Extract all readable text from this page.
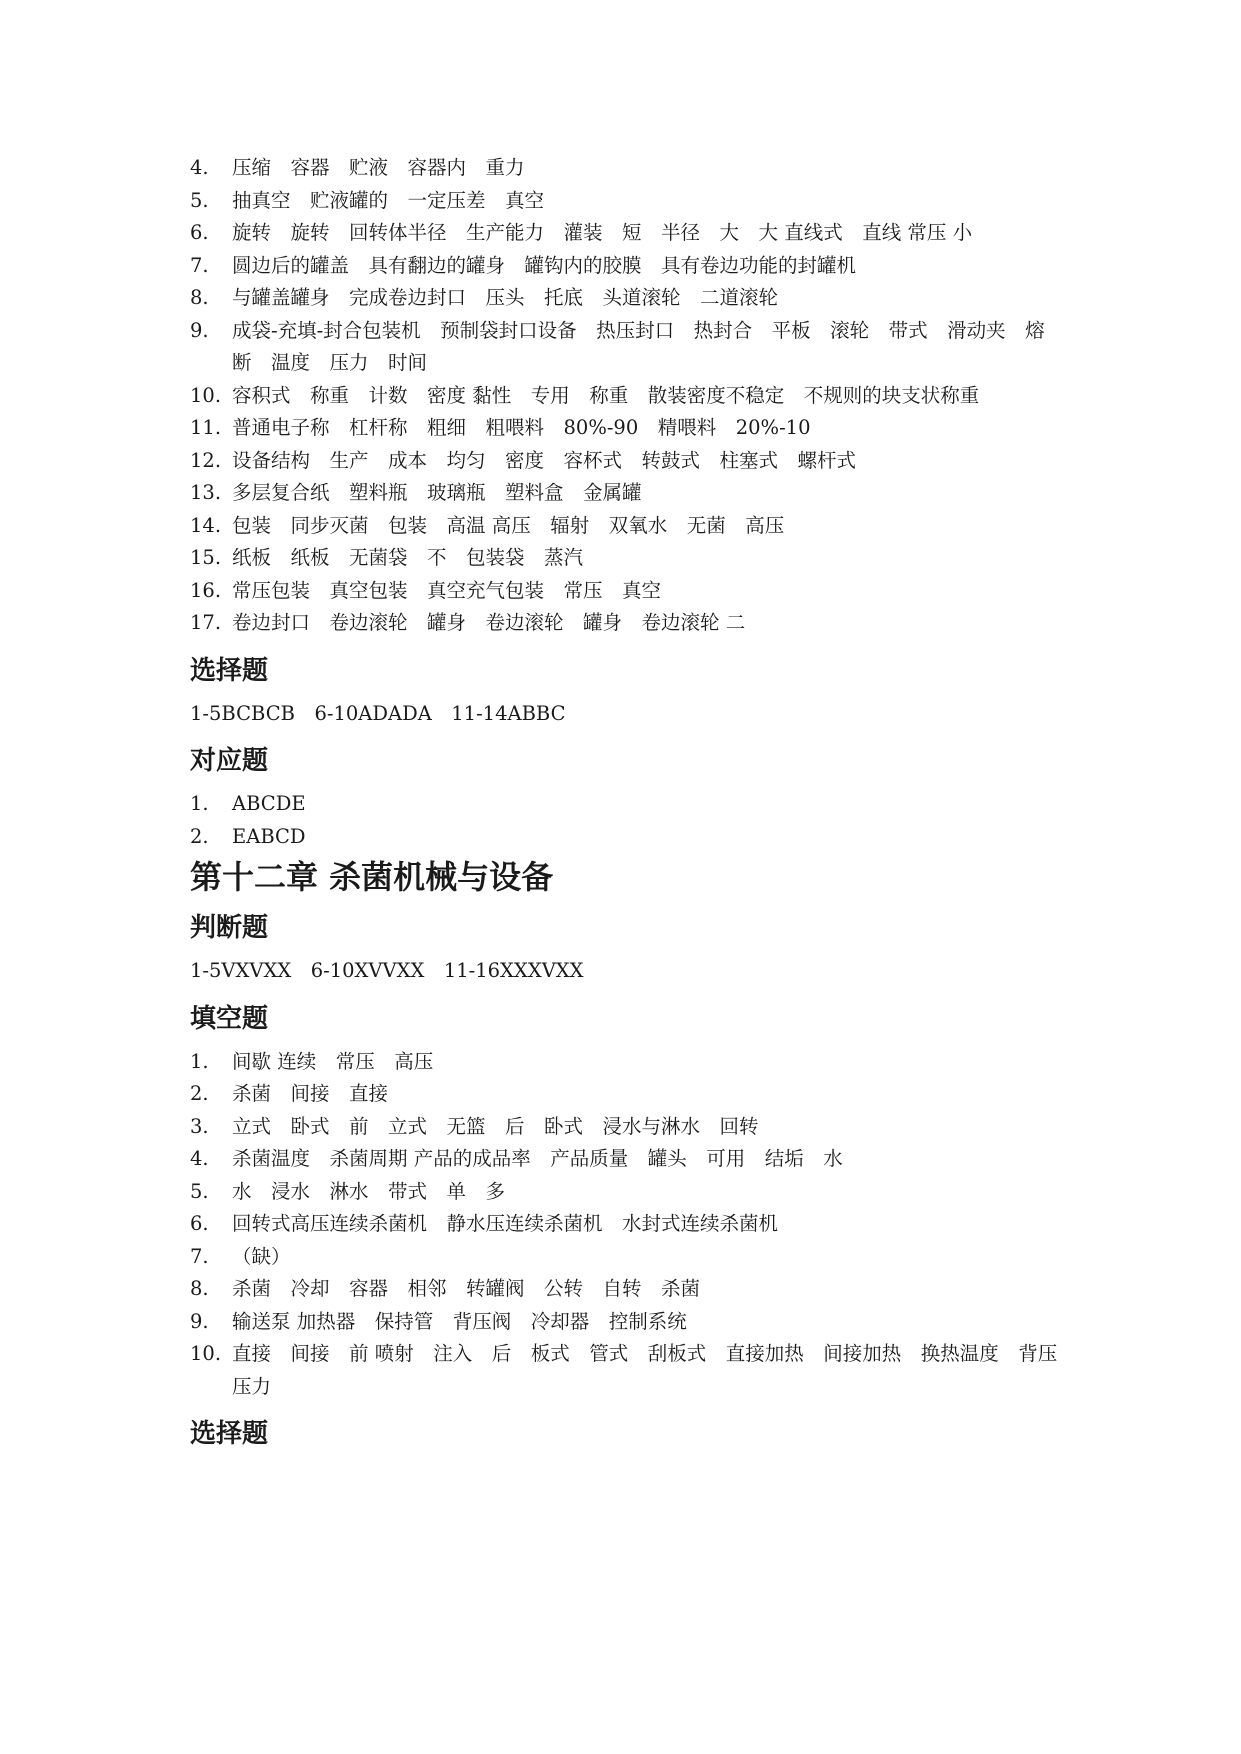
4.	压缩　容器　贮液　容器内　重力
5.	抽真空　贮液罐的　一定压差　真空
6.	旋转　旋转　回转体半径　生产能力　灌装　短　半径　大　大 直线式　直线 常压 小
7.	圆边后的罐盖　具有翻边的罐身　罐钩内的胶膜　具有卷边功能的封罐机
8.	与罐盖罐身　完成卷边封口　压头　托底　头道滚轮　二道滚轮
9.	成袋-充填-封合包装机　预制袋封口设备　热压封口　热封合　平板　滚轮　带式　滑动夹　熔断　温度　压力　时间
10. 容积式　称重　计数　密度 黏性　专用　称重　散装密度不稳定　不规则的块支状称重
11. 普通电子称　杠杆称　粗细　粗喂料　80%-90　精喂料　20%-10
12. 设备结构　生产　成本　均匀　密度　容杯式　转鼓式　柱塞式　螺杆式
13. 多层复合纸　塑料瓶　玻璃瓶　塑料盒　金属罐
14. 包装　同步灭菌　包装　高温 高压　辐射　双氧水　无菌　高压
15. 纸板　纸板　无菌袋　不　包装袋　蒸汽
16. 常压包装　真空包装　真空充气包装　常压　真空
17. 卷边封口　卷边滚轮　罐身　卷边滚轮　罐身　卷边滚轮 二
选择题

1-5BCBCB　6-10ADADA　11-14ABBC

对应题
1.	ABCDE
2.	EABCD
第十二章 杀菌机械与设备
判断题

1-5VXVXX　6-10XVVXX　11-16XXXVXX

填空题
1.	间歇 连续　常压　高压
2.	杀菌　间接　直接
3.	立式　卧式　前　立式　无篮　后　卧式　浸水与淋水　回转
4.	杀菌温度　杀菌周期 产品的成品率　产品质量　罐头　可用　结垢　水
5.	水　浸水　淋水　带式　单　多
6.	回转式高压连续杀菌机　静水压连续杀菌机　水封式连续杀菌机
7.	（缺）
8.	杀菌　冷却　容器　相邻　转罐阀　公转　自转　杀菌
9.	输送泵 加热器　保持管　背压阀　冷却器　控制系统
10. 直接　间接　前 喷射　注入　后　板式　管式　刮板式　直接加热　间接加热　换热温度　背压　压力
选择题
